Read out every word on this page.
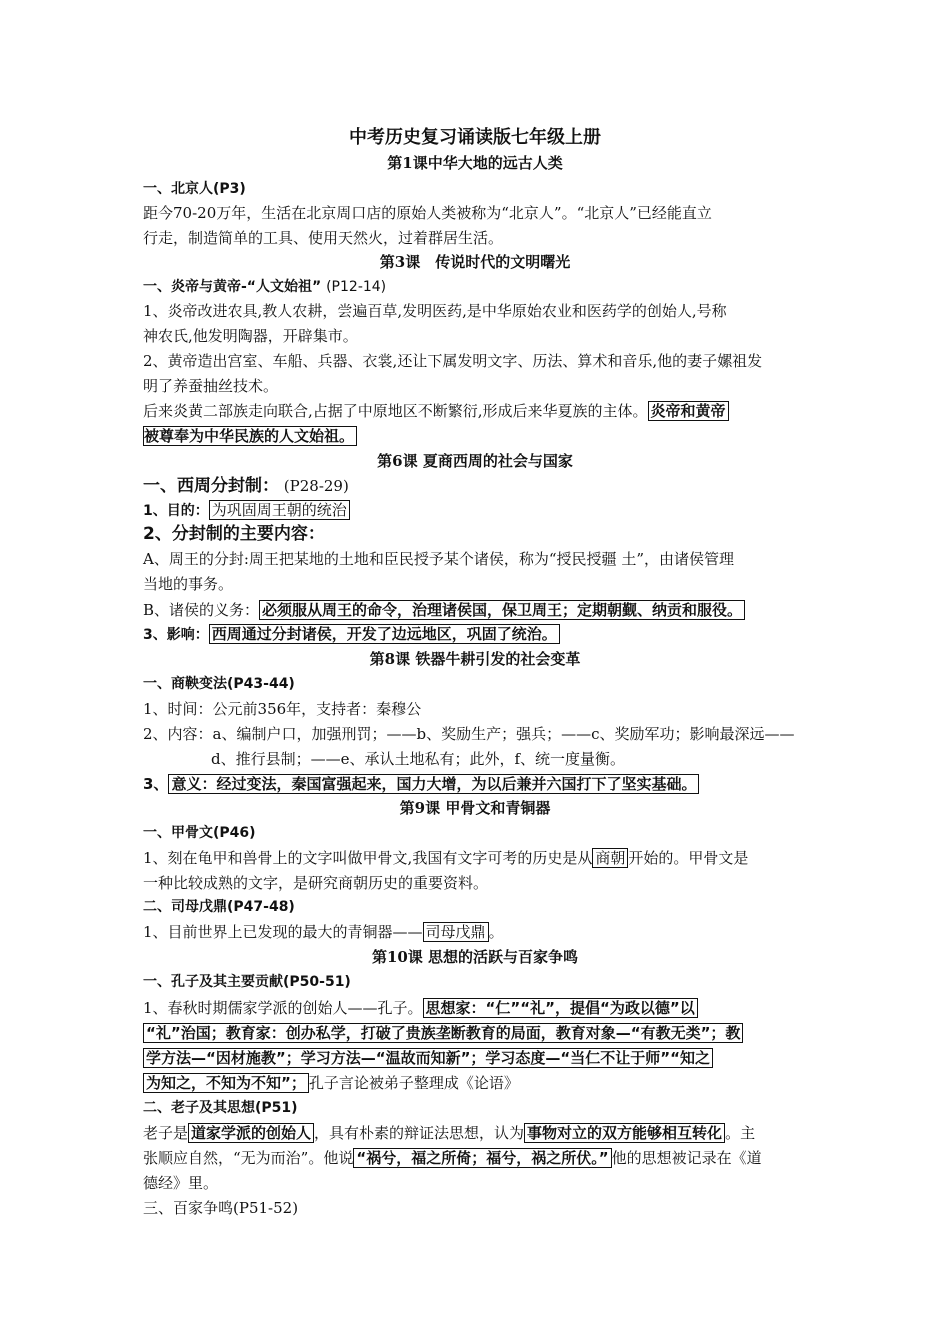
中考历史复习诵读版七年级上册
第1课中华大地的远古人类
一、北京人(P3)
距今70-20万年，生活在北京周口店的原始人类被称为“北京人”。“北京人”已经能直立
行走，制造简单的工具、使用天然火，过着群居生活。
第3课　传说时代的文明曙光
一、炎帝与黄帝-“人文始祖” (P12-14)
1、炎帝改进农具,教人农耕，尝遍百草,发明医药,是中华原始农业和医药学的创始人,号称
神农氏,他发明陶器，开辟集市。
2、黄帝造出宫室、车船、兵器、衣裳,还让下属发明文字、历法、算术和音乐,他的妻子嫘祖发
明了养蚕抽丝技术。
后来炎黄二部族走向联合,占据了中原地区不断繁衍,形成后来华夏族的主体。 炎帝和黄帝
被尊奉为中华民族的人文始祖。
第6课 夏商西周的社会与国家
一、西周分封制： (P28-29)
1、目的： 为巩固周王朝的统治
2、分封制的主要内容：
A、周王的分封:周王把某地的土地和臣民授予某个诸侯，称为“授民授疆 土”，由诸侯管理
当地的事务。
B、诸侯的义务： 必须服从周王的命令，治理诸侯国，保卫周王；定期朝觐、纳贡和服役。
3、影响： 西周通过分封诸侯，开发了边远地区，巩固了统治。
第8课 铁器牛耕引发的社会变革
一、商鞅变法(P43-44)
1、时间：公元前356年，支持者：秦穆公
2、内容：a、编制户口，加强刑罚；——b、奖励生产；强兵；——c、奖励军功；影响最深远——
d、推行县制；——e、承认土地私有；此外，f、统一度量衡。
3、 意义：经过变法，秦国富强起来，国力大增，为以后兼并六国打下了坚实基础。
第9课 甲骨文和青铜器
一、甲骨文(P46)
1、刻在龟甲和兽骨上的文字叫做甲骨文,我国有文字可考的历史是从 商朝 开始的。甲骨文是
一种比较成熟的文字，是研究商朝历史的重要资料。
二、司母戊鼎(P47-48)
1、目前世界上已发现的最大的青铜器—— 司母戊鼎 。
第10课 思想的活跃与百家争鸣
一、孔子及其主要贡献(P50-51)
1、春秋时期儒家学派的创始人——孔子。 思想家：“仁”“礼”，提倡“为政以德”以
“礼”治国；教育家：创办私学，打破了贵族垄断教育的局面，教育对象—“有教无类”；教
学方法—“因材施教”；学习方法—“温故而知新”；学习态度—“当仁不让于师”“知之
为知之，不知为不知”； 孔子言论被弟子整理成《论语》
二、老子及其思想(P51)
老子是 道家学派的创始人 ，具有朴素的辩证法思想，认为 事物对立的双方能够相互转化 。主
张顺应自然，“无为而治”。他说 “祸兮，福之所倚；福兮，祸之所伏。” 他的思想被记录在《道
德经》里。
三、百家争鸣(P51-52)
